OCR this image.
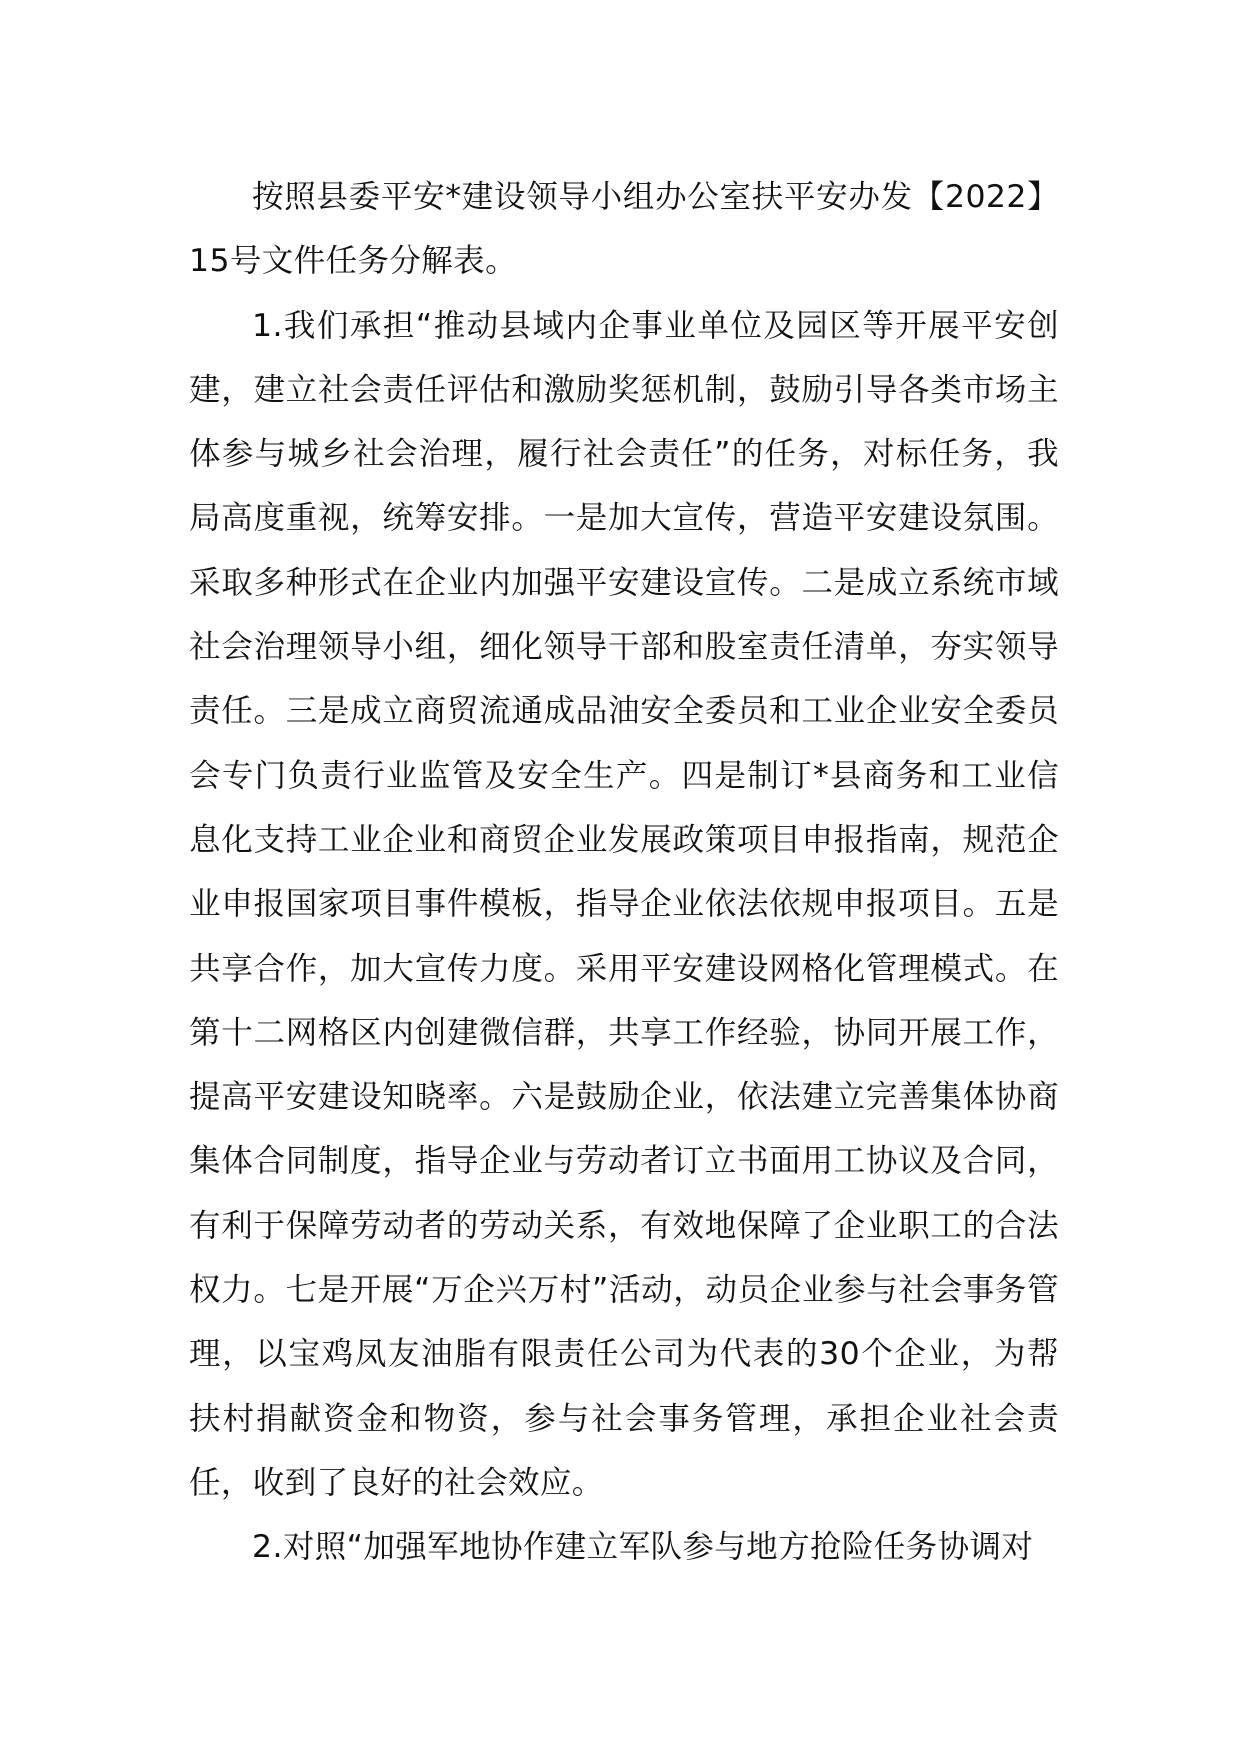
按照县委平安*建设领导小组办公室扶平安办发【2022】15号文件任务分解表。

1.我们承担“推动县域内企事业单位及园区等开展平安创建，建立社会责任评估和激励奖惩机制，鼓励引导各类市场主体参与城乡社会治理，履行社会责任”的任务，对标任务，我局高度重视，统筹安排。一是加大宣传，营造平安建设氛围。采取多种形式在企业内加强平安建设宣传。二是成立系统市域社会治理领导小组，细化领导干部和股室责任清单，夯实领导责任。三是成立商贸流通成品油安全委员和工业企业安全委员会专门负责行业监管及安全生产。四是制订*县商务和工业信息化支持工业企业和商贸企业发展政策项目申报指南，规范企业申报国家项目事件模板，指导企业依法依规申报项目。五是共享合作，加大宣传力度。采用平安建设网格化管理模式。在第十二网格区内创建微信群，共享工作经验，协同开展工作，提高平安建设知晓率。六是鼓励企业，依法建立完善集体协商集体合同制度，指导企业与劳动者订立书面用工协议及合同，有利于保障劳动者的劳动关系，有效地保障了企业职工的合法权力。七是开展“万企兴万村”活动，动员企业参与社会事务管理，以宝鸡凤友油脂有限责任公司为代表的30个企业，为帮扶村捐献资金和物资，参与社会事务管理，承担企业社会责任，收到了良好的社会效应。

2.对照“加强军地协作建立军队参与地方抢险任务协调对
